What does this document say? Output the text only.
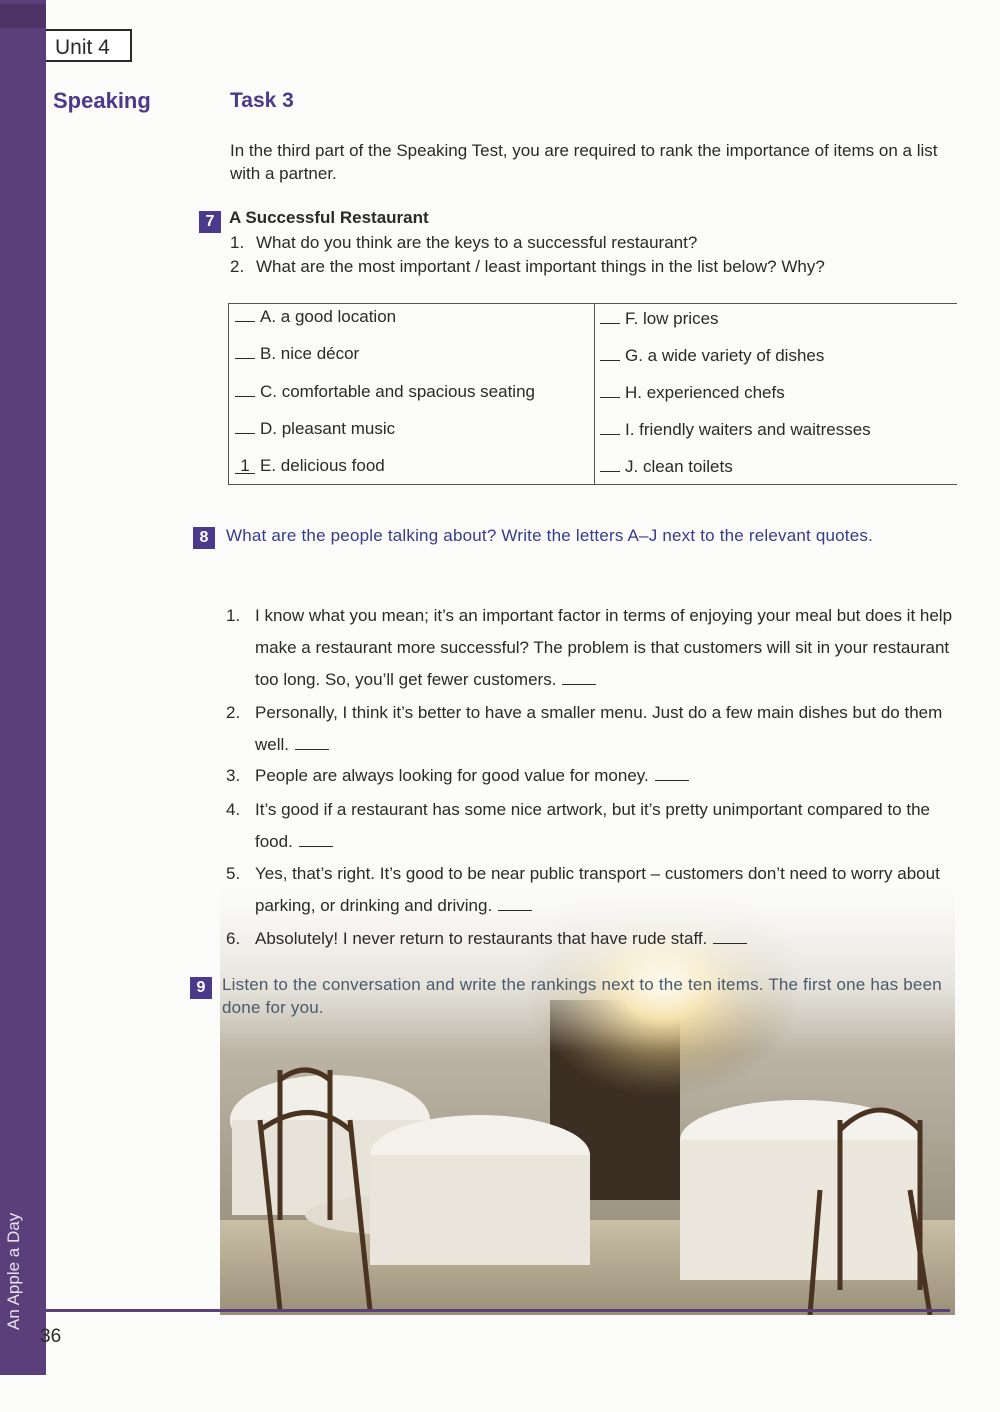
An Apple a Day
Unit 4
Speaking	Task 3
In the third part of the Speaking Test, you are required to rank the importance of items on a list with a partner.
7 A Successful Restaurant
1. What do you think are the keys to a successful restaurant?
2. What are the most important / least important things in the list below? Why?
A. a good location
B. nice décor
C. comfortable and spacious seating
D. pleasant music
1 E. delicious food
F. low prices
G. a wide variety of dishes
H. experienced chefs
I. friendly waiters and waitresses
J. clean toilets
8	What are the people talking about? Write the letters A–J next to the relevant quotes.
1. I know what you mean; it’s an important factor in terms of enjoying your meal but does it help make a restaurant more successful? The problem is that customers will sit in your restaurant too long. So, you’ll get fewer customers.
2. Personally, I think it’s better to have a smaller menu. Just do a few main dishes but do them well.
3. People are always looking for good value for money.
4. It’s good if a restaurant has some nice artwork, but it’s pretty unimportant compared to the food.
5. Yes, that’s right. It’s good to be near public transport – customers don’t need to worry about parking, or drinking and driving.
6. Absolutely! I never return to restaurants that have rude staff.
9 Listen to the conversation and write the rankings next to the ten items. The first one has been done for you.
36
